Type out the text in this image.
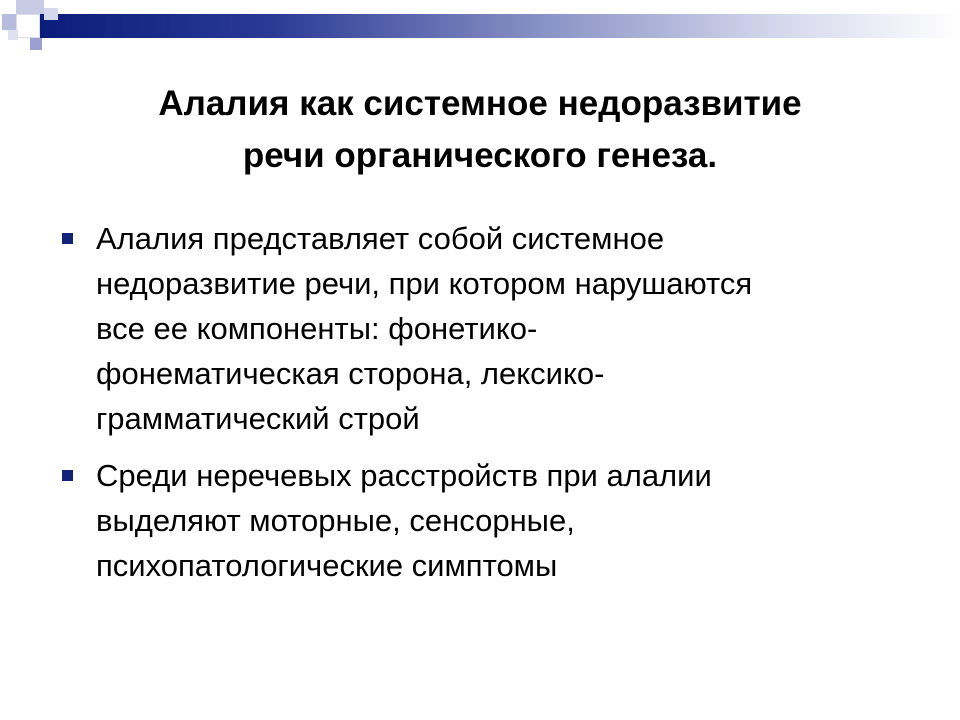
Алалия как системное недоразвитие
речи органического генеза.
Алалия представляет собой системное
недоразвитие речи, при котором нарушаются
все ее компоненты: фонетико-
фонематическая сторона, лексико-
грамматический строй
Среди неречевых расстройств при алалии
выделяют моторные, сенсорные,
психопатологические симптомы
